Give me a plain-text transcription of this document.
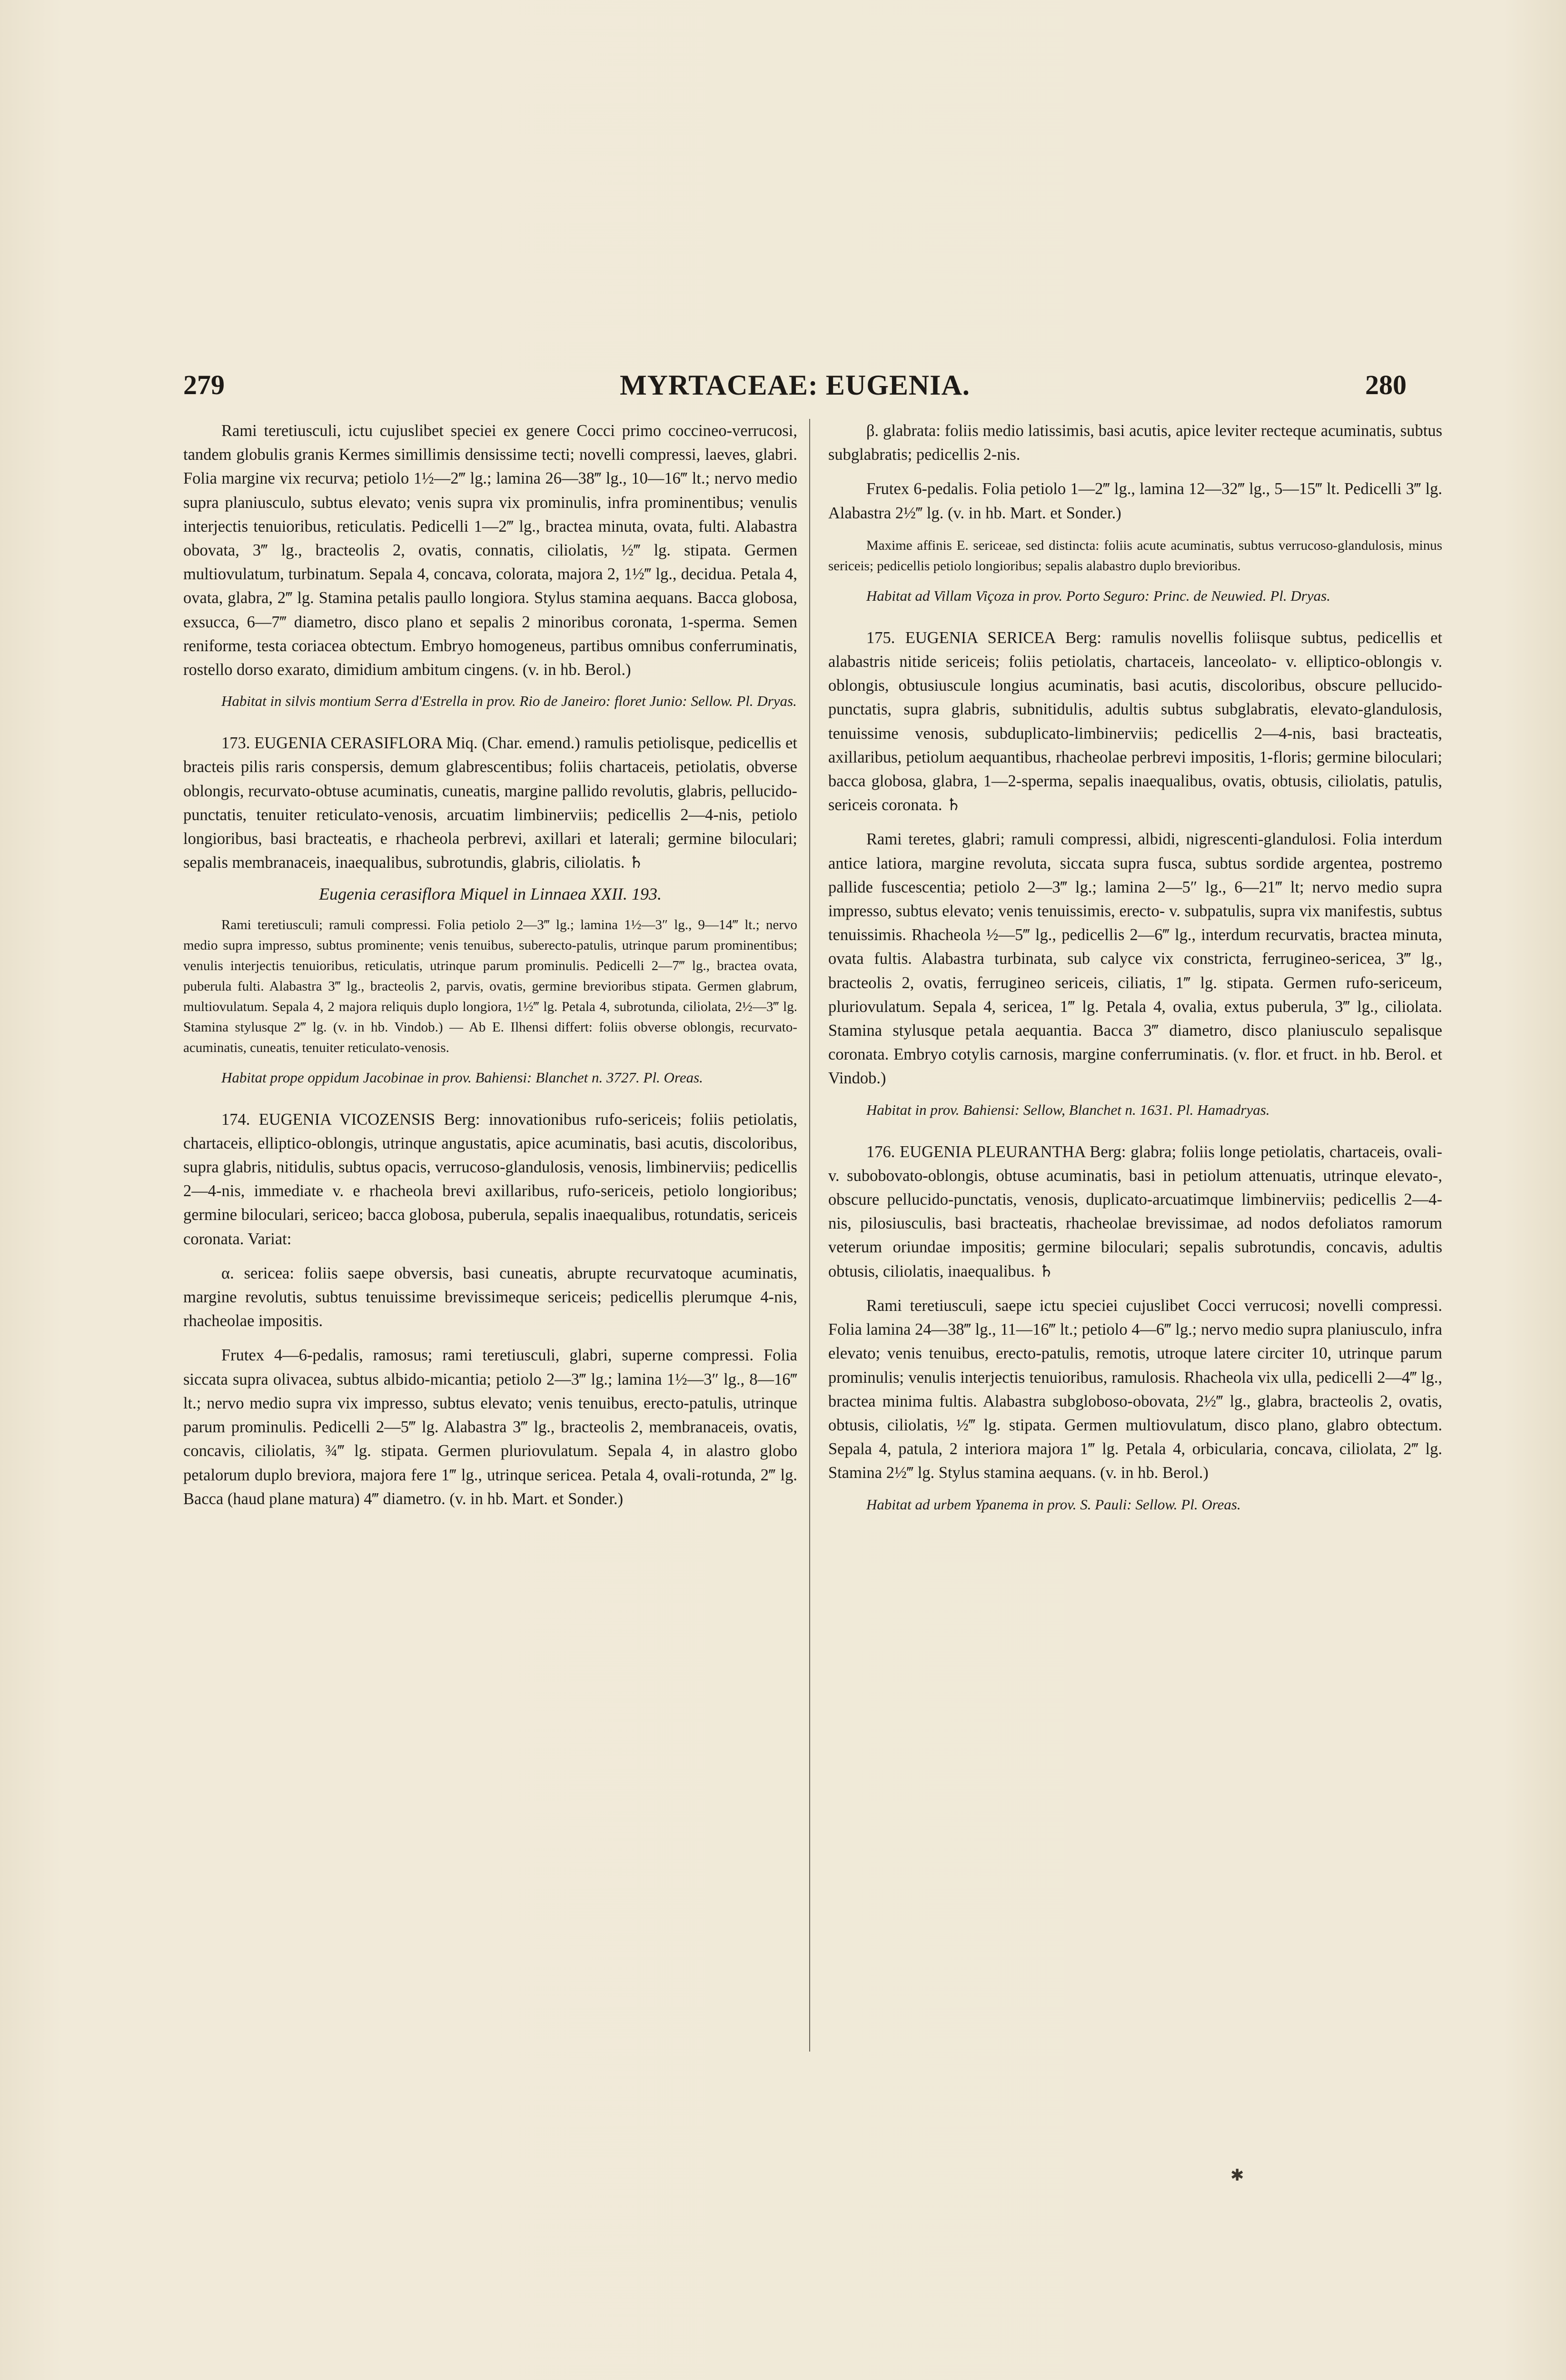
279	MYRTACEAE: EUGENIA.	280

Rami teretiusculi, ictu cujuslibet speciei ex genere Cocci primo coccineo-verrucosi, tandem globulis granis Kermes simillimis densissime tecti; novelli compressi, laeves, glabri. Folia margine vix recurva; petiolo 1½—2‴ lg.; lamina 26—38‴ lg., 10—16‴ lt.; nervo medio supra planiusculo, subtus elevato; venis supra vix prominulis, infra prominentibus; venulis interjectis tenuioribus, reticulatis. Pedicelli 1—2‴ lg., bractea minuta, ovata, fulti. Alabastra obovata, 3‴ lg., bracteolis 2, ovatis, connatis, ciliolatis, ½‴ lg. stipata. Germen multiovulatum, turbinatum. Sepala 4, concava, colorata, majora 2, 1½‴ lg., decidua. Petala 4, ovata, glabra, 2‴ lg. Stamina petalis paullo longiora. Stylus stamina aequans. Bacca globosa, exsucca, 6—7‴ diametro, disco plano et sepalis 2 minoribus coronata, 1-sperma. Semen reniforme, testa coriacea obtectum. Embryo homogeneus, partibus omnibus conferruminatis, rostello dorso exarato, dimidium ambitum cingens. (v. in hb. Berol.)

Habitat in silvis montium Serra d'Estrella in prov. Rio de Janeiro: floret Junio: Sellow. Pl. Dryas.

173. EUGENIA CERASIFLORA Miq. (Char. emend.) ramulis petiolisque, pedicellis et bracteis pilis raris conspersis, demum glabrescentibus; foliis chartaceis, petiolatis, obverse oblongis, recurvato-obtuse acuminatis, cuneatis, margine pallido revolutis, glabris, pellucido-punctatis, tenuiter reticulato-venosis, arcuatim limbinerviis; pedicellis 2—4-nis, petiolo longioribus, basi bracteatis, e rhacheola perbrevi, axillari et laterali; germine biloculari; sepalis membranaceis, inaequalibus, subrotundis, glabris, ciliolatis. ♄

Eugenia cerasiflora Miquel in Linnaea XXII. 193.

Rami teretiusculi; ramuli compressi. Folia petiolo 2—3‴ lg.; lamina 1½—3″ lg., 9—14‴ lt.; nervo medio supra impresso, subtus prominente; venis tenuibus, suberecto-patulis, utrinque parum prominentibus; venulis interjectis tenuioribus, reticulatis, utrinque parum prominulis. Pedicelli 2—7‴ lg., bractea ovata, puberula fulti. Alabastra 3‴ lg., bracteolis 2, parvis, ovatis, germine brevioribus stipata. Germen glabrum, multiovulatum. Sepala 4, 2 majora reliquis duplo longiora, 1½‴ lg. Petala 4, subrotunda, ciliolata, 2½—3‴ lg. Stamina stylusque 2‴ lg. (v. in hb. Vindob.) — Ab E. Ilhensi differt: foliis obverse oblongis, recurvato-acuminatis, cuneatis, tenuiter reticulato-venosis.

Habitat prope oppidum Jacobinae in prov. Bahiensi: Blanchet n. 3727. Pl. Oreas.

174. EUGENIA VICOZENSIS Berg: innovationibus rufo-sericeis; foliis petiolatis, chartaceis, elliptico-oblongis, utrinque angustatis, apice acuminatis, basi acutis, discoloribus, supra glabris, nitidulis, subtus opacis, verrucoso-glandulosis, venosis, limbinerviis; pedicellis 2—4-nis, immediate v. e rhacheola brevi axillaribus, rufo-sericeis, petiolo longioribus; germine biloculari, sericeo; bacca globosa, puberula, sepalis inaequalibus, rotundatis, sericeis coronata. Variat:

α. sericea: foliis saepe obversis, basi cuneatis, abrupte recurvatoque acuminatis, margine revolutis, subtus tenuissime brevissimeque sericeis; pedicellis plerumque 4-nis, rhacheolae impositis.

Frutex 4—6-pedalis, ramosus; rami teretiusculi, glabri, superne compressi. Folia siccata supra olivacea, subtus albido-micantia; petiolo 2—3‴ lg.; lamina 1½—3″ lg., 8—16‴ lt.; nervo medio supra vix impresso, subtus elevato; venis tenuibus, erecto-patulis, utrinque parum prominulis. Pedicelli 2—5‴ lg. Alabastra 3‴ lg., bracteolis 2, membranaceis, ovatis, concavis, ciliolatis, ¾‴ lg. stipata. Germen pluriovulatum. Sepala 4, in alastro globo petalorum duplo breviora, majora fere 1‴ lg., utrinque sericea. Petala 4, ovali-rotunda, 2‴ lg. Bacca (haud plane matura) 4‴ diametro. (v. in hb. Mart. et Sonder.)

β. glabrata: foliis medio latissimis, basi acutis, apice leviter recteque acuminatis, subtus subglabratis; pedicellis 2-nis.

Frutex 6-pedalis. Folia petiolo 1—2‴ lg., lamina 12—32‴ lg., 5—15‴ lt. Pedicelli 3‴ lg. Alabastra 2½‴ lg. (v. in hb. Mart. et Sonder.)

Maxime affinis E. sericeae, sed distincta: foliis acute acuminatis, subtus verrucoso-glandulosis, minus sericeis; pedicellis petiolo longioribus; sepalis alabastro duplo brevioribus.

Habitat ad Villam Viçoza in prov. Porto Seguro: Princ. de Neuwied. Pl. Dryas.

175. EUGENIA SERICEA Berg: ramulis novellis foliisque subtus, pedicellis et alabastris nitide sericeis; foliis petiolatis, chartaceis, lanceolato- v. elliptico-oblongis v. oblongis, obtusiuscule longius acuminatis, basi acutis, discoloribus, obscure pellucido-punctatis, supra glabris, subnitidulis, adultis subtus subglabratis, elevato-glandulosis, tenuissime venosis, subduplicato-limbinerviis; pedicellis 2—4-nis, basi bracteatis, axillaribus, petiolum aequantibus, rhacheolae perbrevi impositis, 1-floris; germine biloculari; bacca globosa, glabra, 1—2-sperma, sepalis inaequalibus, ovatis, obtusis, ciliolatis, patulis, sericeis coronata. ♄

Rami teretes, glabri; ramuli compressi, albidi, nigrescenti-glandulosi. Folia interdum antice latiora, margine revoluta, siccata supra fusca, subtus sordide argentea, postremo pallide fuscescentia; petiolo 2—3‴ lg.; lamina 2—5″ lg., 6—21‴ lt; nervo medio supra impresso, subtus elevato; venis tenuissimis, erecto- v. subpatulis, supra vix manifestis, subtus tenuissimis. Rhacheola ½—5‴ lg., pedicellis 2—6‴ lg., interdum recurvatis, bractea minuta, ovata fultis. Alabastra turbinata, sub calyce vix constricta, ferrugineo-sericea, 3‴ lg., bracteolis 2, ovatis, ferrugineo sericeis, ciliatis, 1‴ lg. stipata. Germen rufo-sericeum, pluriovulatum. Sepala 4, sericea, 1‴ lg. Petala 4, ovalia, extus puberula, 3‴ lg., ciliolata. Stamina stylusque petala aequantia. Bacca 3‴ diametro, disco planiusculo sepalisque coronata. Embryo cotylis carnosis, margine conferruminatis. (v. flor. et fruct. in hb. Berol. et Vindob.)

Habitat in prov. Bahiensi: Sellow, Blanchet n. 1631. Pl. Hamadryas.

176. EUGENIA PLEURANTHA Berg: glabra; foliis longe petiolatis, chartaceis, ovali- v. subobovato-oblongis, obtuse acuminatis, basi in petiolum attenuatis, utrinque elevato-, obscure pellucido-punctatis, venosis, duplicato-arcuatimque limbinerviis; pedicellis 2—4-nis, pilosiusculis, basi bracteatis, rhacheolae brevissimae, ad nodos defoliatos ramorum veterum oriundae impositis; germine biloculari; sepalis subrotundis, concavis, adultis obtusis, ciliolatis, inaequalibus. ♄

Rami teretiusculi, saepe ictu speciei cujuslibet Cocci verrucosi; novelli compressi. Folia lamina 24—38‴ lg., 11—16‴ lt.; petiolo 4—6‴ lg.; nervo medio supra planiusculo, infra elevato; venis tenuibus, erecto-patulis, remotis, utroque latere circiter 10, utrinque parum prominulis; venulis interjectis tenuioribus, ramulosis. Rhacheola vix ulla, pedicelli 2—4‴ lg., bractea minima fultis. Alabastra subgloboso-obovata, 2½‴ lg., glabra, bracteolis 2, ovatis, obtusis, ciliolatis, ½‴ lg. stipata. Germen multiovulatum, disco plano, glabro obtectum. Sepala 4, patula, 2 interiora majora 1‴ lg. Petala 4, orbicularia, concava, ciliolata, 2‴ lg. Stamina 2½‴ lg. Stylus stamina aequans. (v. in hb. Berol.)

Habitat ad urbem Ypanema in prov. S. Pauli: Sellow. Pl. Oreas.

✱
